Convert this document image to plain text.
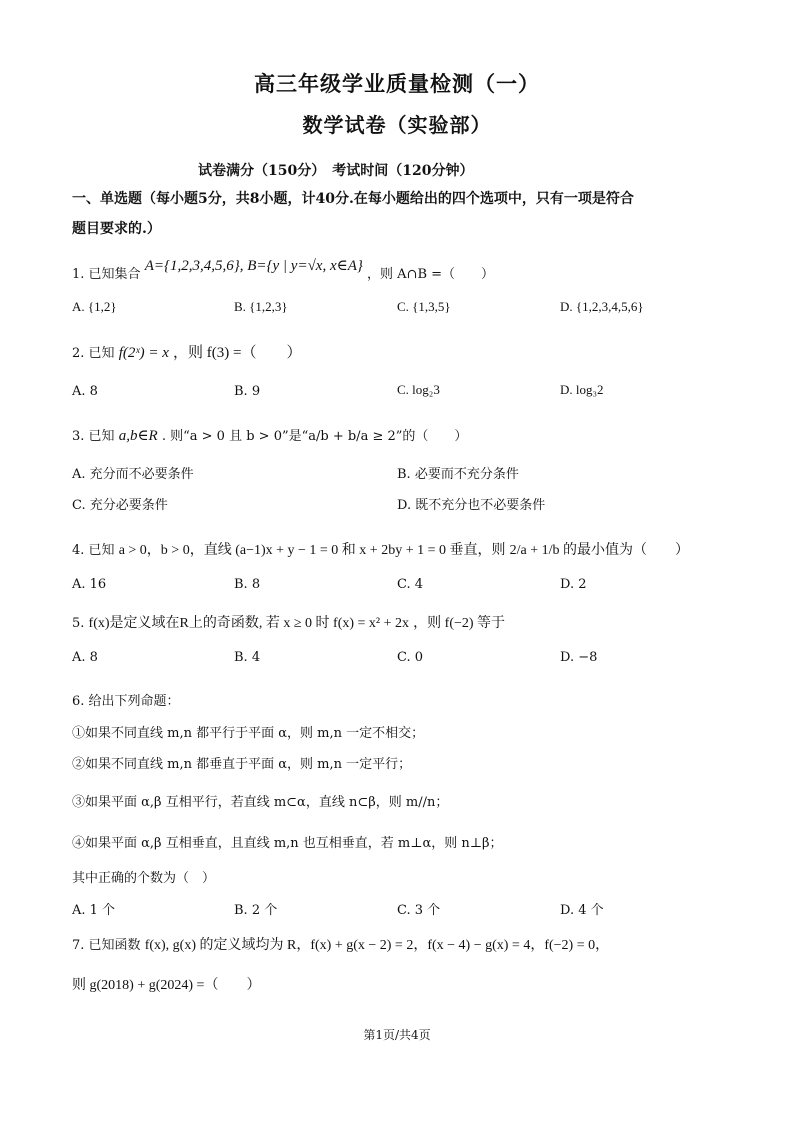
高三年级学业质量检测（一）
数学试卷（实验部）
试卷满分（150分）　考试时间（120分钟）
一、单选题（每小题5分，共8小题，计40分.在每小题给出的四个选项中，只有一项是符合
题目要求的.）
1. 已知集合 A={1,2,3,4,5,6}, B={y | y=√x, x∈A} ，则 A∩B =（　　）
A. {1,2}	B. {1,2,3}	C. {1,3,5}	D. {1,2,3,4,5,6}
2. 已知 f(2ˣ) = x ，则 f(3) =（　　）
A. 8	B. 9	C. log₂3	D. log₃2
3. 已知 a,b∈R . 则“a > 0 且 b > 0”是“a/b + b/a ≥ 2”的（　　）
A. 充分而不必要条件	B. 必要而不充分条件
C. 充分必要条件	D. 既不充分也不必要条件
4. 已知 a > 0，b > 0，直线 (a−1)x + y − 1 = 0 和 x + 2by + 1 = 0 垂直，则 2/a + 1/b 的最小值为（　　）
A. 16	B. 8	C. 4	D. 2
5. f(x)是定义域在R上的奇函数, 若 x ≥ 0 时 f(x) = x² + 2x ，则 f(−2) 等于
A. 8	B. 4	C. 0	D. −8
6. 给出下列命题：
①如果不同直线 m,n 都平行于平面 α，则 m,n 一定不相交；
②如果不同直线 m,n 都垂直于平面 α，则 m,n 一定平行；
③如果平面 α,β 互相平行，若直线 m⊂α，直线 n⊂β，则 m//n；
④如果平面 α,β 互相垂直，且直线 m,n 也互相垂直，若 m⊥α，则 n⊥β；
其中正确的个数为（　）
A. 1 个	B. 2 个	C. 3 个	D. 4 个
7. 已知函数 f(x), g(x) 的定义域均为 R，f(x) + g(x − 2) = 2，f(x − 4) − g(x) = 4，f(−2) = 0，
则 g(2018) + g(2024) =（　　）
第1页/共4页
